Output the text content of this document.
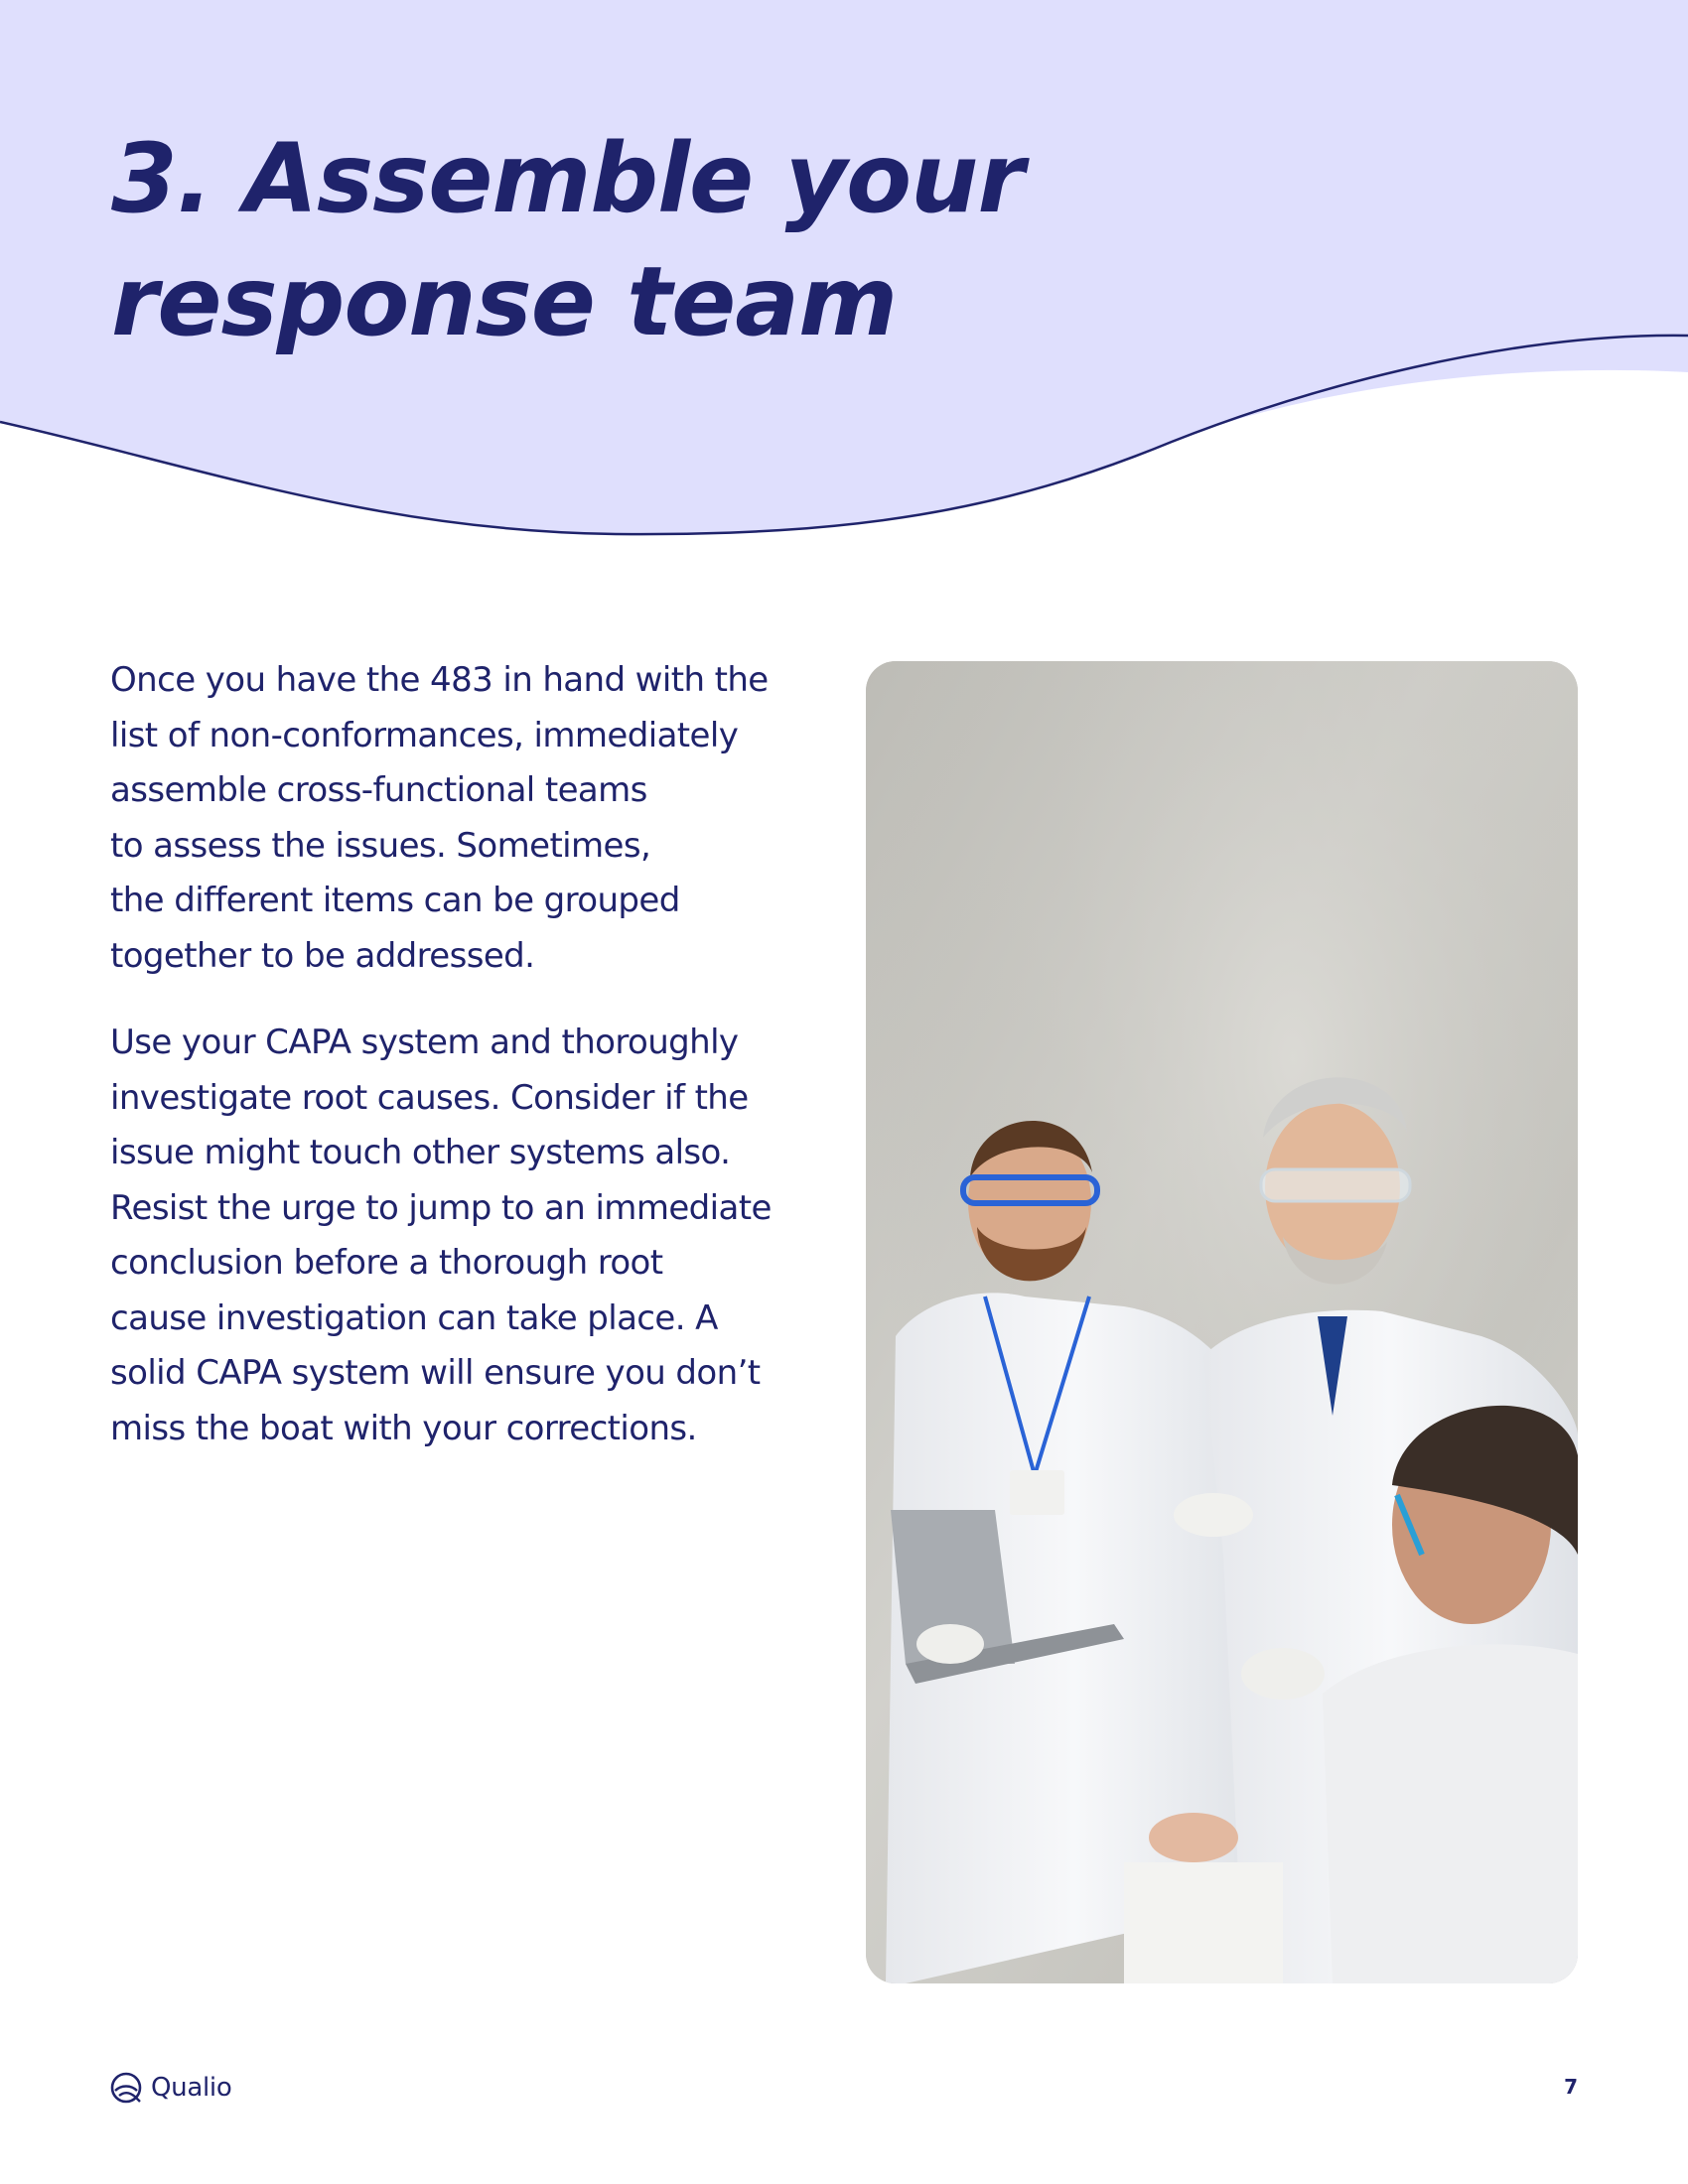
3. Assemble your
response team

Once you have the 483 in hand with the
list of non-conformances, immediately
assemble cross-functional teams
to assess the issues. Sometimes,
the different items can be grouped
together to be addressed.

Use your CAPA system and thoroughly
investigate root causes. Consider if the
issue might touch other systems also.
Resist the urge to jump to an immediate
conclusion before a thorough root
cause investigation can take place. A
solid CAPA system will ensure you don’t
miss the boat with your corrections.

Qualio	7
